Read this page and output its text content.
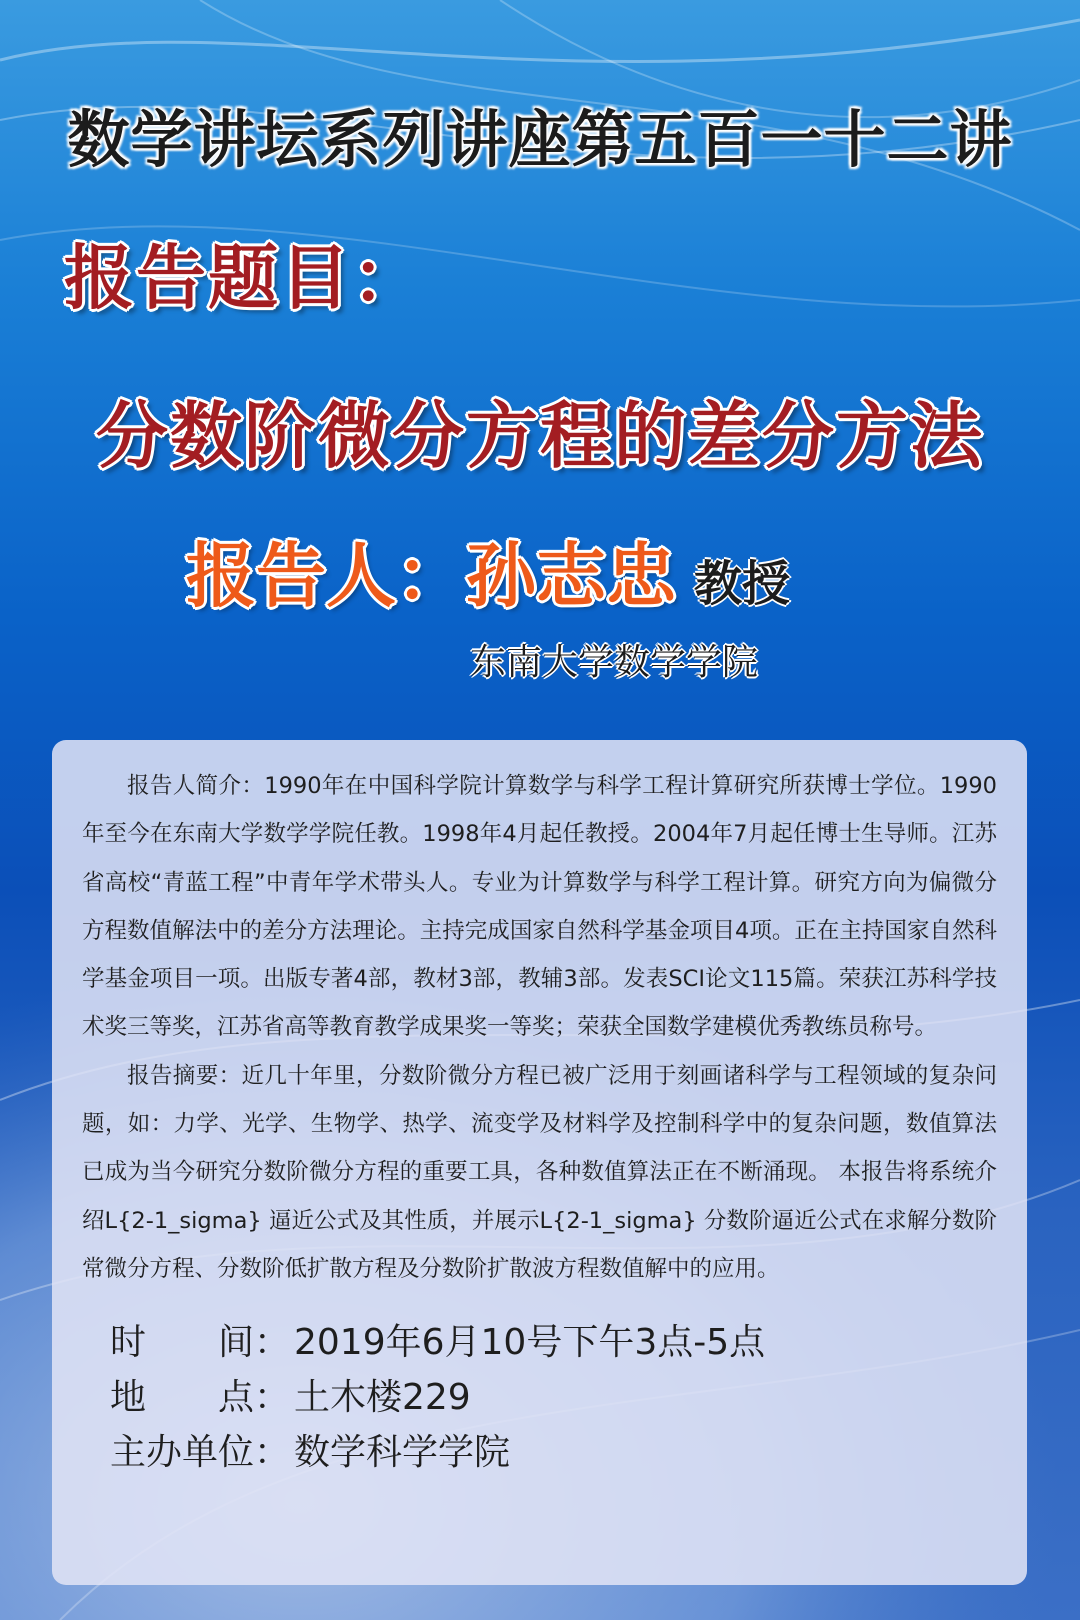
数学讲坛系列讲座第五百一十二讲
报告题目：
分数阶微分方程的差分方法
报告人：孙志忠 教授
东南大学数学学院

报告人简介：1990年在中国科学院计算数学与科学工程计算研究所获博士学位。1990年至今在东南大学数学学院任教。1998年4月起任教授。2004年7月起任博士生导师。江苏省高校“青蓝工程”中青年学术带头人。专业为计算数学与科学工程计算。研究方向为偏微分方程数值解法中的差分方法理论。主持完成国家自然科学基金项目4项。正在主持国家自然科学基金项目一项。出版专著4部，教材3部，教辅3部。发表SCI论文115篇。荣获江苏科学技术奖三等奖，江苏省高等教育教学成果奖一等奖；荣获全国数学建模优秀教练员称号。

报告摘要：近几十年里，分数阶微分方程已被广泛用于刻画诸科学与工程领域的复杂问题，如：力学、光学、生物学、热学、流变学及材料学及控制科学中的复杂问题，数值算法已成为当今研究分数阶微分方程的重要工具，各种数值算法正在不断涌现。 本报告将系统介绍L{2-1_sigma} 逼近公式及其性质，并展示L{2-1_sigma} 分数阶逼近公式在求解分数阶常微分方程、分数阶低扩散方程及分数阶扩散波方程数值解中的应用。

时　　间： 2019年6月10号下午3点-5点
地　　点： 土木楼229
主办单位： 数学科学学院
